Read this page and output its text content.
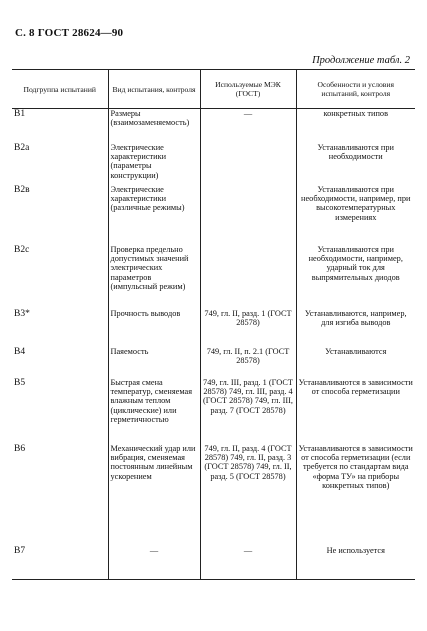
С. 8 ГОСТ 28624—90
Продолжение табл. 2
Подгруппа испытаний	Вид испытания, контроля	Используемые МЭК (ГОСТ)	Особенности и условия испытаний, контроля
B1	Размеры (взаимозаменяемость)	—	конкретных типов
B2a	Электрические характеристики (параметры конструкции)		Устанавливаются при необходимости
B2в	Электрические характеристики (различные режимы)		Устанавливаются при необходимости, например, при высокотемпературных измерениях
B2c	Проверка предельно допустимых значений электрических параметров (импульсный режим)		Устанавливаются при необходимости, например, ударный ток для выпрямительных диодов
B3*	Прочность выводов	749, гл. II, разд. 1 (ГОСТ 28578)	Устанавливаются, например, для изгиба выводов
B4	Паяемость	749, гл. II, п. 2.1 (ГОСТ 28578)	Устанавливаются
B5	Быстрая смена температур, сменяемая влажным теплом (циклические) или герметичностью	749, гл. III, разд. 1 (ГОСТ 28578) 749, гл. III, разд. 4 (ГОСТ 28578) 749, гл. III, разд. 7 (ГОСТ 28578)	Устанавливаются в зависимости от способа герметизации
B6	Механический удар или вибрация, сменяемая постоянным линейным ускорением	749, гл. II, разд. 4 (ГОСТ 28578) 749, гл. II, разд. 3 (ГОСТ 28578) 749, гл. II, разд. 5 (ГОСТ 28578)	Устанавливаются в зависимости от способа герметизации (если требуется по стандартам вида «форма ТУ» на приборы конкретных типов)
B7	—	—	Не используется
